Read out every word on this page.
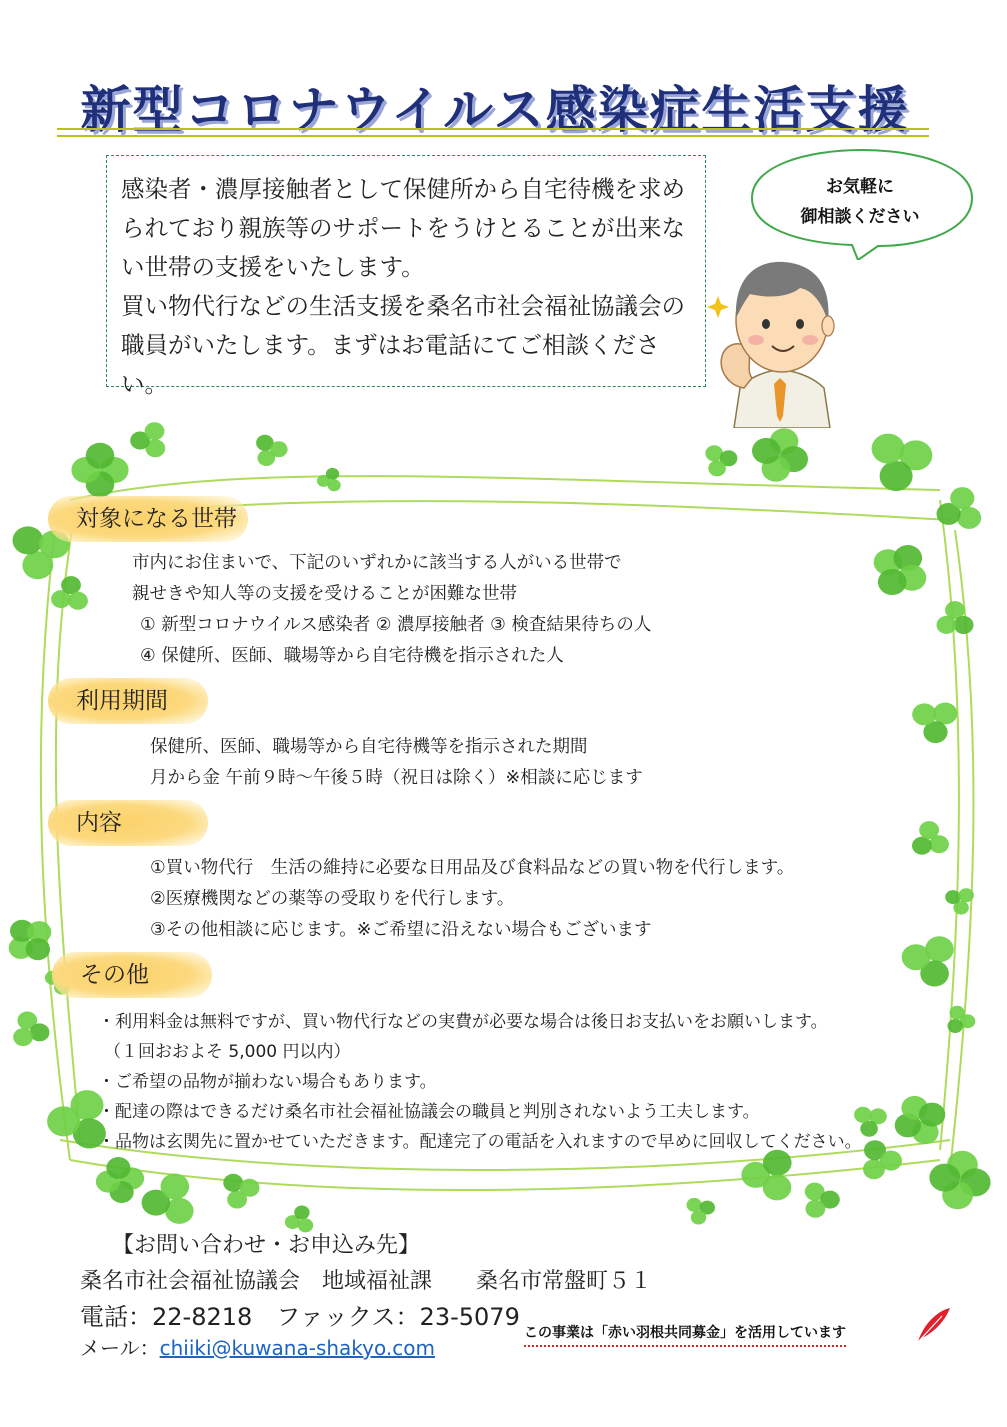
新型コロナウイルス感染症生活支援

感染者・濃厚接触者として保健所から自宅待機を求め

られており親族等のサポートをうけとることが出来な

い世帯の支援をいたします。

買い物代行などの生活支援を桑名市社会福祉協議会の

職員がいたします。まずはお電話にてご相談ください。

お気軽に
御相談ください
対象になる世帯

市内にお住まいで、下記のいずれかに該当する人がいる世帯で

親せきや知人等の支援を受けることが困難な世帯

① 新型コロナウイルス感染者 ② 濃厚接触者 ③ 検査結果待ちの人

④ 保健所、医師、職場等から自宅待機を指示された人

利用期間

保健所、医師、職場等から自宅待機等を指示された期間

月から金 午前９時～午後５時（祝日は除く）※相談に応じます

内容

①買い物代行　生活の維持に必要な日用品及び食料品などの買い物を代行します。

②医療機関などの薬等の受取りを代行します。

③その他相談に応じます。※ご希望に沿えない場合もございます

その他

・利用料金は無料ですが、買い物代行などの実費が必要な場合は後日お支払いをお願いします。

（１回おおよそ 5,000 円以内）

・ご希望の品物が揃わない場合もあります。

・配達の際はできるだけ桑名市社会福祉協議会の職員と判別されないよう工夫します。

・品物は玄関先に置かせていただきます。配達完了の電話を入れますので早めに回収してください。

【お問い合わせ・お申込み先】
桑名市社会福祉協議会　地域福祉課　　桑名市常盤町５１
電話：22-8218　ファックス：23-5079
メール：chiiki@kuwana-shakyo.com
この事業は「赤い羽根共同募金」を活用しています
